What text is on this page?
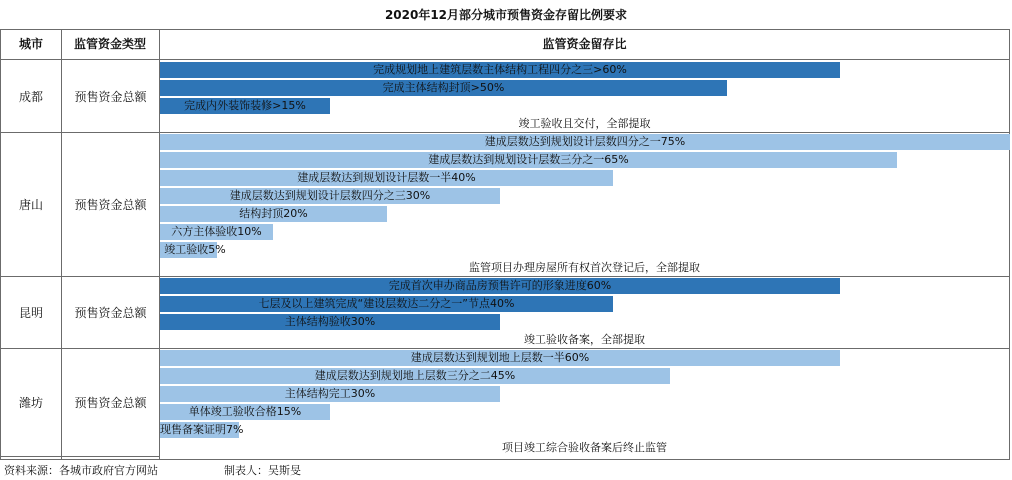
2020年12月部分城市预售资金存留比例要求
城市	监管资金类型	监管资金留存比
成都	预售资金总额
完成规划地上建筑层数主体结构工程四分之三>60%
完成主体结构封顶>50%
完成内外装饰装修>15%
竣工验收且交付，全部提取
唐山	预售资金总额
建成层数达到规划设计层数四分之一75%
建成层数达到规划设计层数三分之一65%
建成层数达到规划设计层数一半40%
建成层数达到规划设计层数四分之三30%
结构封顶20%
六方主体验收10%
竣工验收5%
监管项目办理房屋所有权首次登记后，全部提取
昆明	预售资金总额
完成首次申办商品房预售许可的形象进度60%
七层及以上建筑完成“建设层数达二分之一”节点40%
主体结构验收30%
竣工验收备案，全部提取
潍坊	预售资金总额
建成层数达到规划地上层数一半60%
建成层数达到规划地上层数三分之二45%
主体结构完工30%
单体竣工验收合格15%
现售备案证明7%
项目竣工综合验收备案后终止监管
资料来源：各城市政府官方网站	制表人：吴斯旻
